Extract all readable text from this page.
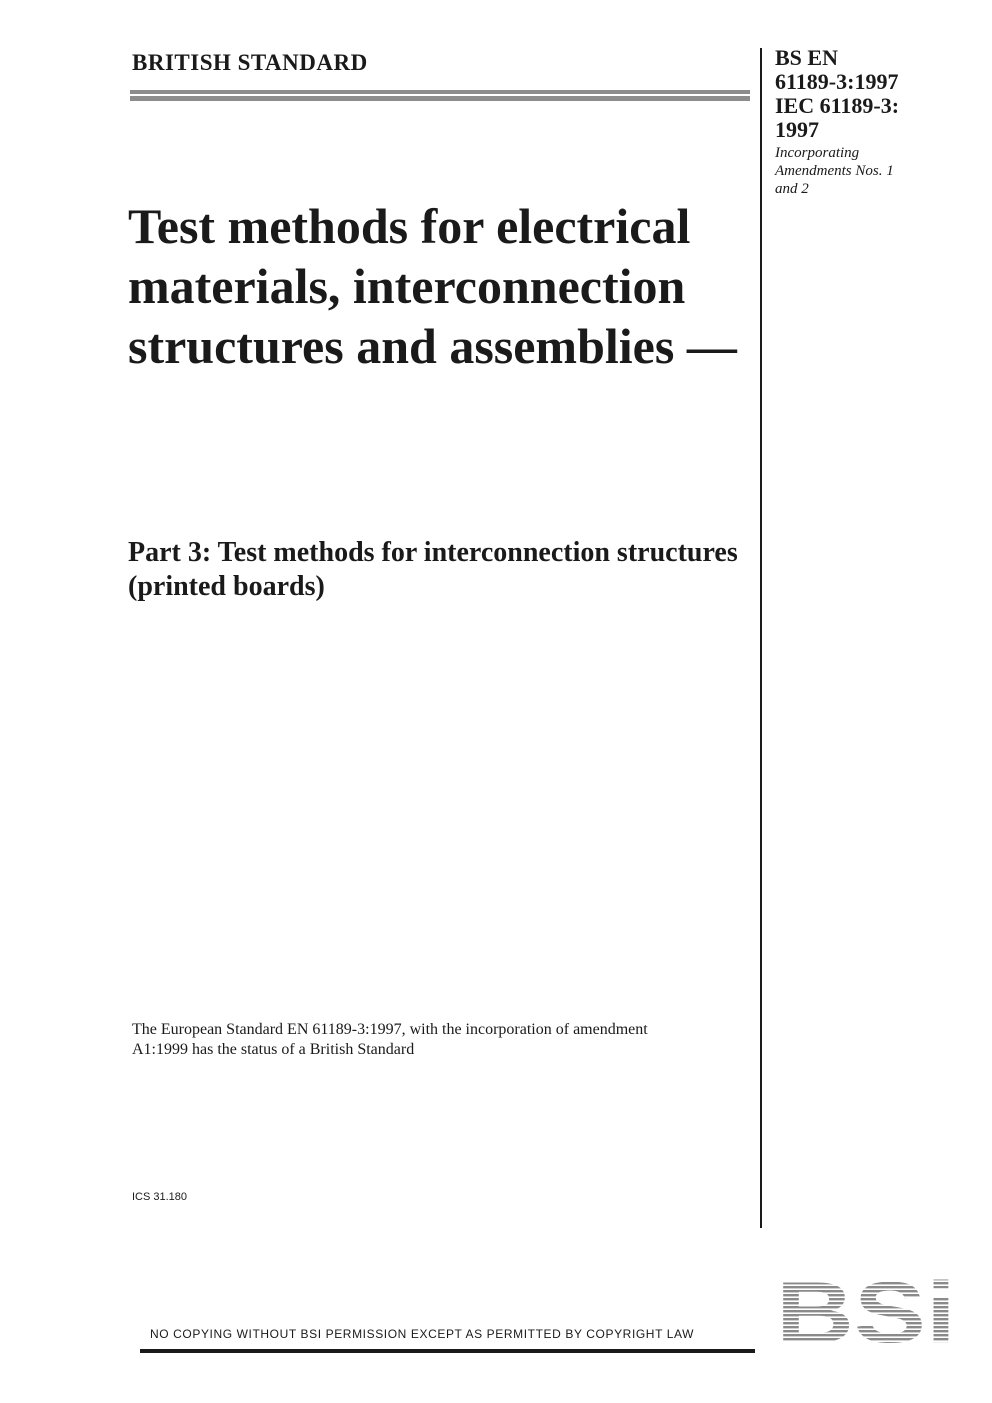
BRITISH STANDARD	BS EN
61189-3:1997
IEC 61189-3:
1997
Incorporating Amendments Nos. 1 and 2
Test methods for electrical materials, interconnection structures and assemblies —
Part 3: Test methods for interconnection structures (printed boards)
The European Standard EN 61189-3:1997, with the incorporation of amendment A1:1999 has the status of a British Standard
ICS 31.180
NO COPYING WITHOUT BSI PERMISSION EXCEPT AS PERMITTED BY COPYRIGHT LAW BSi
